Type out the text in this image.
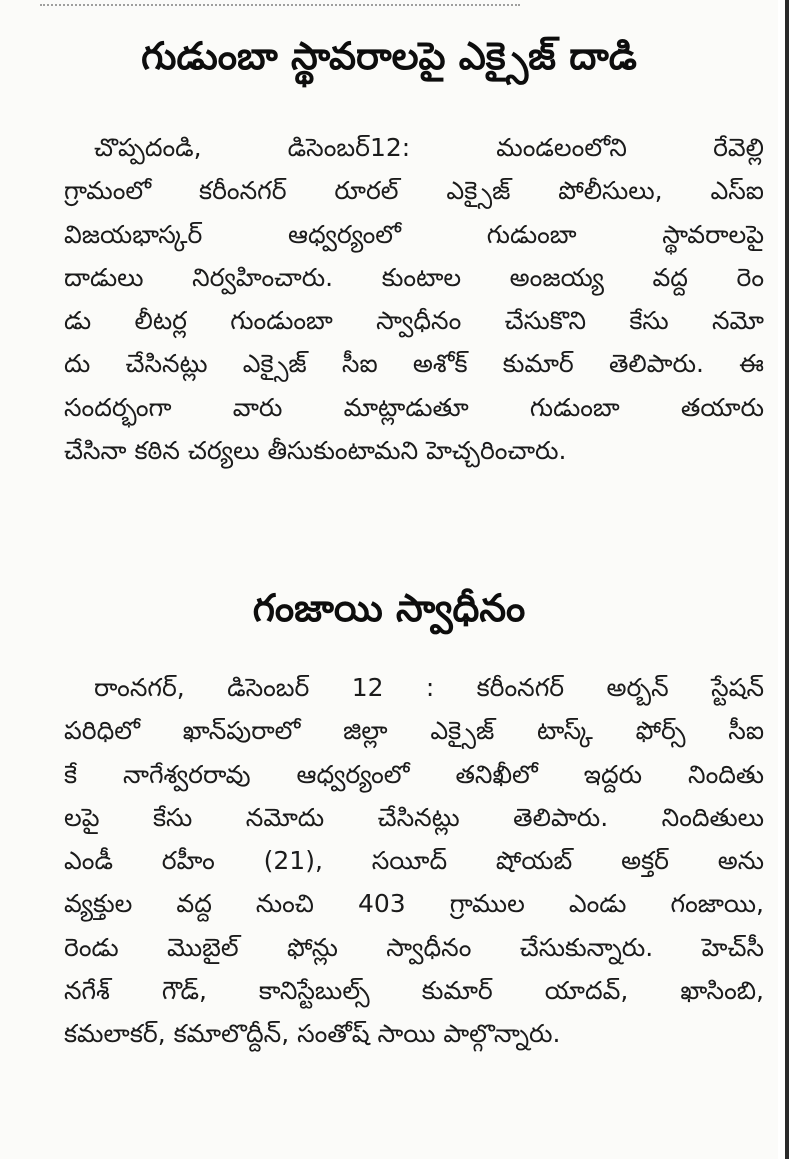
గుడుంబా స్థావరాలపై ఎక్సైజ్ దాడి
చొప్పదండి, డిసెంబర్12: మండలంలోని రేవెల్లి
గ్రామంలో కరీంనగర్ రూరల్ ఎక్సైజ్ పోలీసులు, ఎస్ఐ
విజయభాస్కర్ ఆధ్వర్యంలో గుడుంబా స్థావరాలపై
దాడులు నిర్వహించారు. కుంటాల అంజయ్య వద్ద రెం
డు లీటర్ల గుండుంబా స్వాధీనం చేసుకొని కేసు నమో
దు చేసినట్లు ఎక్సైజ్ సీఐ అశోక్ కుమార్ తెలిపారు. ఈ
సందర్భంగా వారు మాట్లాడుతూ గుడుంబా తయారు
చేసినా కఠిన చర్యలు తీసుకుంటామని హెచ్చరించారు.
గంజాయి స్వాధీనం
రాంనగర్, డిసెంబర్ 12 : కరీంనగర్ అర్బన్ స్టేషన్
పరిధిలో ఖాన్‌పురాలో జిల్లా ఎక్సైజ్ టాస్క్ ఫోర్స్ సీఐ
కే నాగేశ్వరరావు ఆధ్వర్యంలో తనిఖీలో ఇద్దరు నిందితు
లపై కేసు నమోదు చేసినట్లు తెలిపారు. నిందితులు
ఎండీ రహీం (21), సయీద్ షోయబ్ అక్తర్ అను
వ్యక్తుల వద్ద నుంచి 403 గ్రాముల ఎండు గంజాయి,
రెండు మొబైల్ ఫోన్లు స్వాధీనం చేసుకున్నారు. హెచ్‌సీ
నగేశ్ గౌడ్, కానిస్టేబుల్స్ కుమార్ యాదవ్, ఖాసింబి,
కమలాకర్, కమాలొద్దీన్, సంతోష్ సాయి పాల్గొన్నారు.
